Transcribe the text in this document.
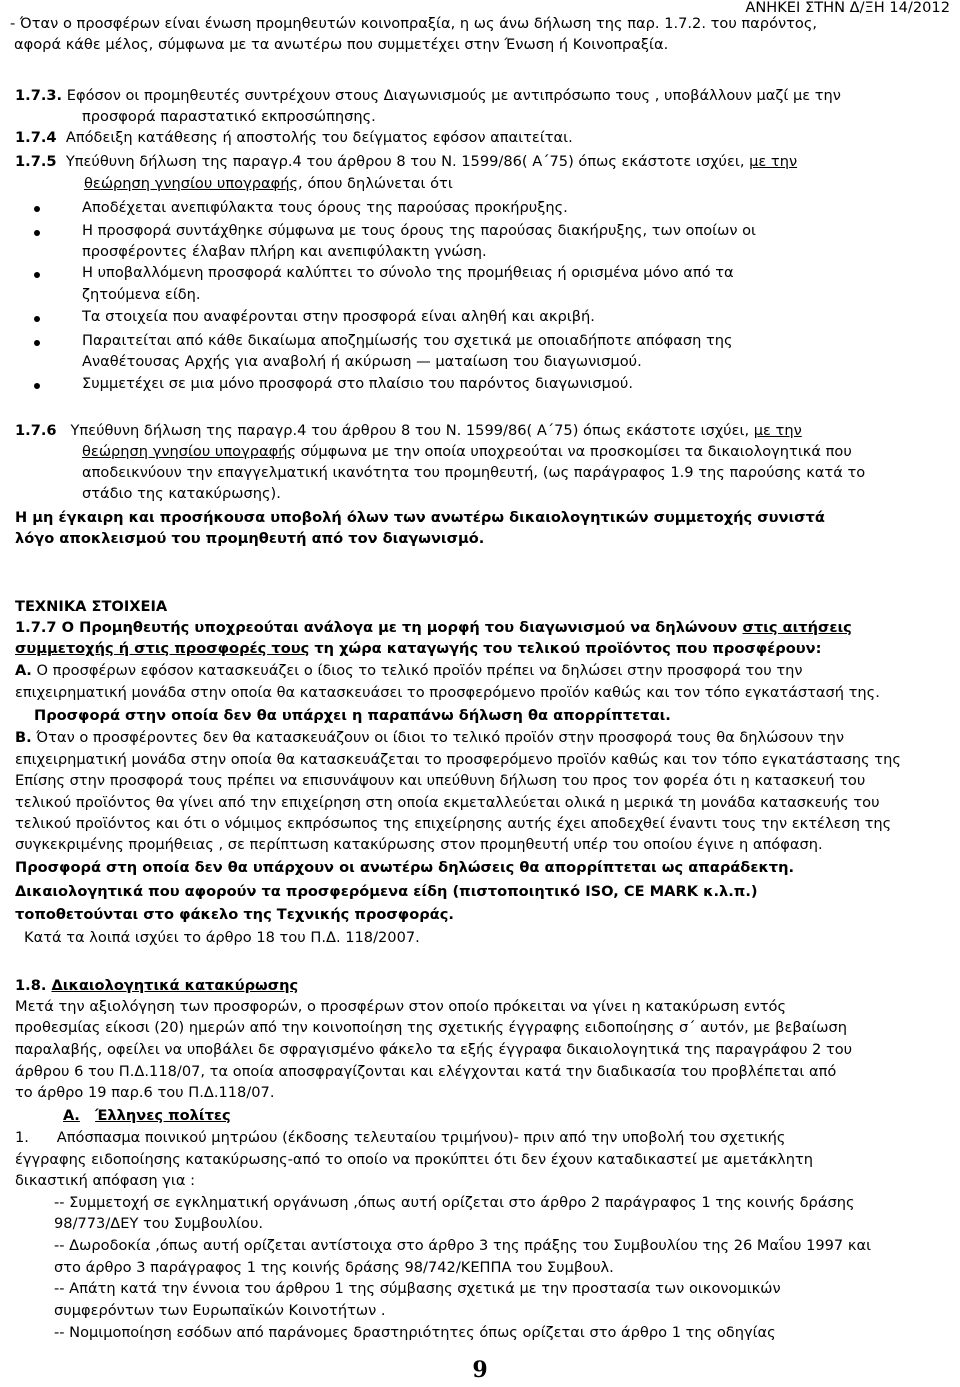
ΑΝΗΚΕΙ ΣΤΗΝ Δ/ΞΗ 14/2012
- Όταν ο προσφέρων είναι ένωση προμηθευτών κοινοπραξία, η ως άνω δήλωση της παρ. 1.7.2. του παρόντος,
αφορά κάθε μέλος, σύμφωνα με τα ανωτέρω που συμμετέχει στην Ένωση ή Κοινοπραξία.
1.7.3. Εφόσον οι προμηθευτές συντρέχουν στους Διαγωνισμούς με αντιπρόσωπο τους , υποβάλλουν μαζί με την
προσφορά παραστατικό εκπροσώπησης.
1.7.4 Απόδειξη κατάθεσης ή αποστολής του δείγματος εφόσον απαιτείται.
1.7.5 Υπεύθυνη δήλωση της παραγρ.4 του άρθρου 8 του Ν. 1599/86( Α΄75) όπως εκάστοτε ισχύει, με την
θεώρηση γνησίου υπογραφής, όπου δηλώνεται ότι
Αποδέχεται ανεπιφύλακτα τους όρους της παρούσας προκήρυξης.
Η προσφορά συντάχθηκε σύμφωνα με τους όρους της παρούσας διακήρυξης, των οποίων οι
προσφέροντες έλαβαν πλήρη και ανεπιφύλακτη γνώση.
Η υποβαλλόμενη προσφορά καλύπτει το σύνολο της προμήθειας ή ορισμένα μόνο από τα
ζητούμενα είδη.
Τα στοιχεία που αναφέρονται στην προσφορά είναι αληθή και ακριβή.
Παραιτείται από κάθε δικαίωμα αποζημίωσής του σχετικά με οποιαδήποτε απόφαση της
Αναθέτουσας Αρχής για αναβολή ή ακύρωση — ματαίωση του διαγωνισμού.
Συμμετέχει σε μια μόνο προσφορά στο πλαίσιο του παρόντος διαγωνισμού.
1.7.6 Υπεύθυνη δήλωση της παραγρ.4 του άρθρου 8 του Ν. 1599/86( Α΄75) όπως εκάστοτε ισχύει, με την
θεώρηση γνησίου υπογραφής σύμφωνα με την οποία υποχρεούται να προσκομίσει τα δικαιολογητικά που
αποδεικνύουν την επαγγελματική ικανότητα του προμηθευτή, (ως παράγραφος 1.9 της παρούσης κατά το
στάδιο της κατακύρωσης).
Η μη έγκαιρη και προσήκουσα υποβολή όλων των ανωτέρω δικαιολογητικών συμμετοχής συνιστά
λόγο αποκλεισμού του προμηθευτή από τον διαγωνισμό.
ΤΕΧΝΙΚΑ ΣΤΟΙΧΕΙΑ
1.7.7 Ο Προμηθευτής υποχρεούται ανάλογα με τη μορφή του διαγωνισμού να δηλώνουν στις αιτήσεις
συμμετοχής ή στις προσφορές τους τη χώρα καταγωγής του τελικού προϊόντος που προσφέρουν:
Α. Ο προσφέρων εφόσον κατασκευάζει ο ίδιος το τελικό προϊόν πρέπει να δηλώσει στην προσφορά του την
επιχειρηματική μονάδα στην οποία θα κατασκευάσει το προσφερόμενο προϊόν καθώς και τον τόπο εγκατάστασή της.
Προσφορά στην οποία δεν θα υπάρχει η παραπάνω δήλωση θα απορρίπτεται.
Β. Όταν ο προσφέροντες δεν θα κατασκευάζουν οι ίδιοι το τελικό προϊόν στην προσφορά τους θα δηλώσουν την
επιχειρηματική μονάδα στην οποία θα κατασκευάζεται το προσφερόμενο προϊόν καθώς και τον τόπο εγκατάστασης της
Επίσης στην προσφορά τους πρέπει να επισυνάψουν και υπεύθυνη δήλωση του προς τον φορέα ότι η κατασκευή του
τελικού προϊόντος θα γίνει από την επιχείρηση στη οποία εκμεταλλεύεται ολικά η μερικά τη μονάδα κατασκευής του
τελικού προϊόντος και ότι ο νόμιμος εκπρόσωπος της επιχείρησης αυτής έχει αποδεχθεί έναντι τους την εκτέλεση της
συγκεκριμένης προμήθειας , σε περίπτωση κατακύρωσης στον προμηθευτή υπέρ του οποίου έγινε η απόφαση.
Προσφορά στη οποία δεν θα υπάρχουν οι ανωτέρω δηλώσεις θα απορρίπτεται ως απαράδεκτη.
Δικαιολογητικά που αφορούν τα προσφερόμενα είδη (πιστοποιητικό ISO, CE MARK κ.λ.π.)
τοποθετούνται στο φάκελο της Τεχνικής προσφοράς.
Κατά τα λοιπά ισχύει το άρθρο 18 του Π.Δ. 118/2007.
1.8. Δικαιολογητικά κατακύρωσης
Μετά την αξιολόγηση των προσφορών, ο προσφέρων στον οποίο πρόκειται να γίνει η κατακύρωση εντός
προθεσμίας είκοσι (20) ημερών από την κοινοποίηση της σχετικής έγγραφης ειδοποίησης σ΄ αυτόν, με βεβαίωση
παραλαβής, οφείλει να υποβάλει δε σφραγισμένο φάκελο τα εξής έγγραφα δικαιολογητικά της παραγράφου 2 του
άρθρου 6 του Π.Δ.118/07, τα οποία αποσφραγίζονται και ελέγχονται κατά την διαδικασία του προβλέπεται από
το άρθρο 19 παρ.6 του Π.Δ.118/07.
Α. Έλληνες πολίτες
1. Απόσπασμα ποινικού μητρώου (έκδοσης τελευταίου τριμήνου)- πριν από την υποβολή του σχετικής
έγγραφης ειδοποίησης κατακύρωσης-από το οποίο να προκύπτει ότι δεν έχουν καταδικαστεί με αμετάκλητη
δικαστική απόφαση για :
-- Συμμετοχή σε εγκληματική οργάνωση ,όπως αυτή ορίζεται στο άρθρο 2 παράγραφος 1 της κοινής δράσης
98/773/ΔΕΥ του Συμβουλίου.
-- Δωροδοκία ,όπως αυτή ορίζεται αντίστοιχα στο άρθρο 3 της πράξης του Συμβουλίου της 26 Μαΐου 1997 και
στο άρθρο 3 παράγραφος 1 της κοινής δράσης 98/742/ΚΕΠΠΑ του Συμβουλ.
-- Απάτη κατά την έννοια του άρθρου 1 της σύμβασης σχετικά με την προστασία των οικονομικών
συμφερόντων των Ευρωπαϊκών Κοινοτήτων .
-- Νομιμοποίηση εσόδων από παράνομες δραστηριότητες όπως ορίζεται στο άρθρο 1 της οδηγίας
9
